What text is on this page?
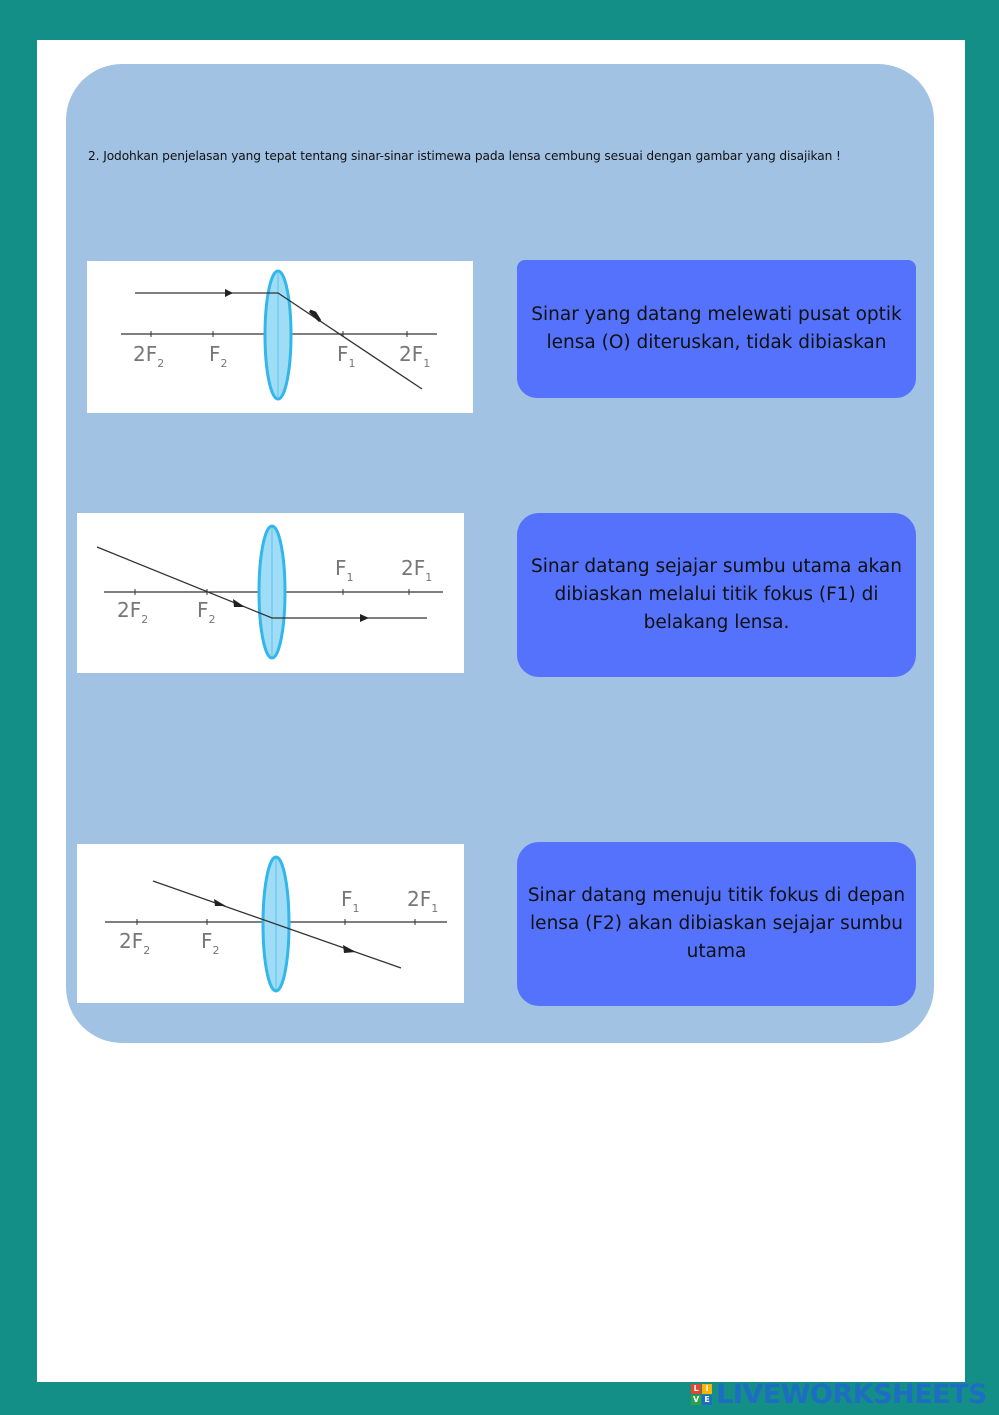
2. Jodohkan penjelasan yang tepat tentang sinar-sinar istimewa pada lensa cembung sesuai dengan gambar yang disajikan !
$2F_2$ $F_2$	$F_1$ $2F_1$
$2F_2$ $F_2$
$F_1$ $2F_1$
$2F_2$	$F_2$
$F_1$ $2F_1$
Sinar yang datang melewati pusat optik lensa (O) diteruskan, tidak dibiaskan
Sinar datang sejajar sumbu utama akan dibiaskan melalui titik fokus (F1) di belakang lensa.
Sinar datang menuju titik fokus di depan lensa (F2) akan dibiaskan sejajar sumbu utama
L I
V E LIVEWORKSHEETS
